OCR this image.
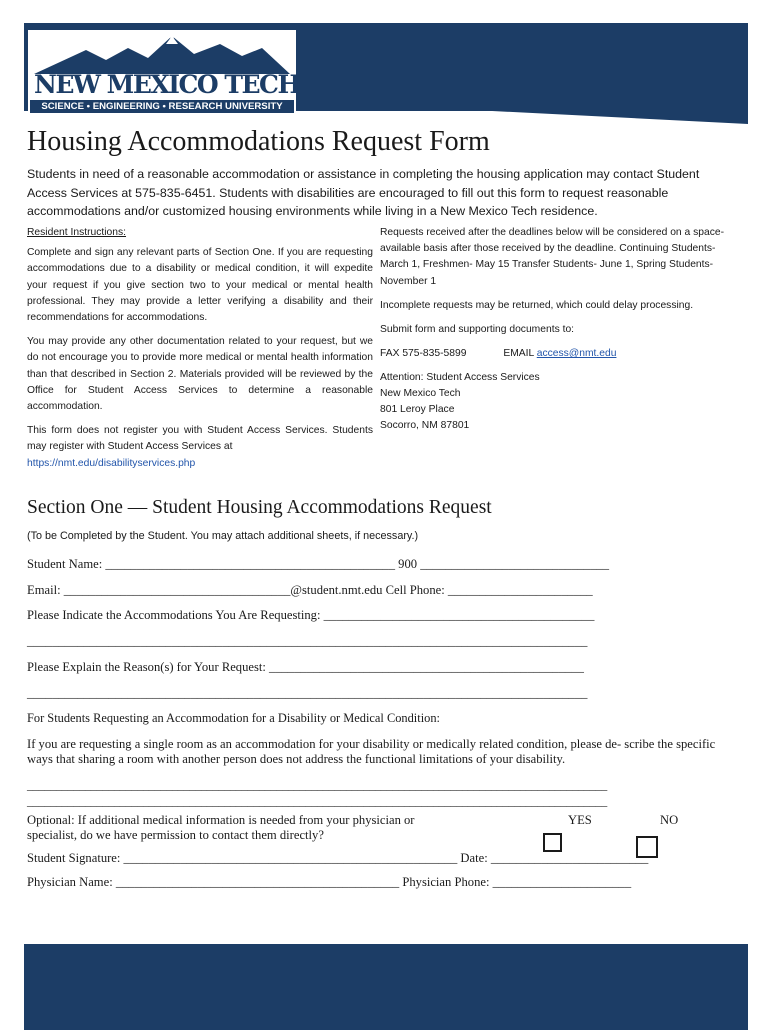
NEW MEXICO TECH
SCIENCE • ENGINEERING • RESEARCH UNIVERSITY
Housing Accommodations Request Form
Students in need of a reasonable accommodation or assistance in completing the housing application may contact Student Access Services at 575-835-6451. Students with disabilities are encouraged to fill out this form to request reasonable accommodations and/or customized housing environments while living in a New Mexico Tech residence.

Resident Instructions:

Complete and sign any relevant parts of Section One. If you are requesting accommodations due to a disability or medical condition, it will expedite your request if you give section two to your medical or mental health professional. They may provide a letter verifying a disability and their recommendations for accommodations.

You may provide any other documentation related to your request, but we do not encourage you to provide more medical or mental health information than that described in Section 2. Materials provided will be reviewed by the Office for Student Access Services to determine a reasonable accommodation.

This form does not register you with Student Access Services. Students may register with Student Access Services at

https://nmt.edu/disabilityservices.php

Requests received after the deadlines below will be considered on a space-available basis after those received by the deadline. Continuing Students- March 1, Freshmen- May 15 Transfer Students- June 1, Spring Students- November 1

Incomplete requests may be returned, which could delay processing.

Submit form and supporting documents to:

FAX 575-835-5899	EMAIL access@nmt.edu

Attention: Student Access Services
New Mexico Tech
801 Leroy Place
Socorro, NM 87801
Section One — Student Housing Accommodations Request
(To be Completed by the Student. You may attach additional sheets, if necessary.)
Student Name: ______________________________________________ 900 ______________________________
Email: ____________________________________@student.nmt.edu Cell Phone: _______________________
Please Indicate the Accommodations You Are Requesting: ___________________________________________
_________________________________________________________________________________________
Please Explain the Reason(s) for Your Request: __________________________________________________
_________________________________________________________________________________________
For Students Requesting an Accommodation for a Disability or Medical Condition:
If you are requesting a single room as an accommodation for your disability or medically related condition, please de- scribe the specific ways that sharing a room with another person does not address the functional limitations of your disability.
____________________________________________________________________________________________________
____________________________________________________________________________________________________
Optional: If additional medical information is needed from your physician or specialist, do we have permission to contact them directly?
YES	NO
Student Signature: _____________________________________________________ Date: _________________________
Physician Name: _____________________________________________ Physician Phone: ______________________
